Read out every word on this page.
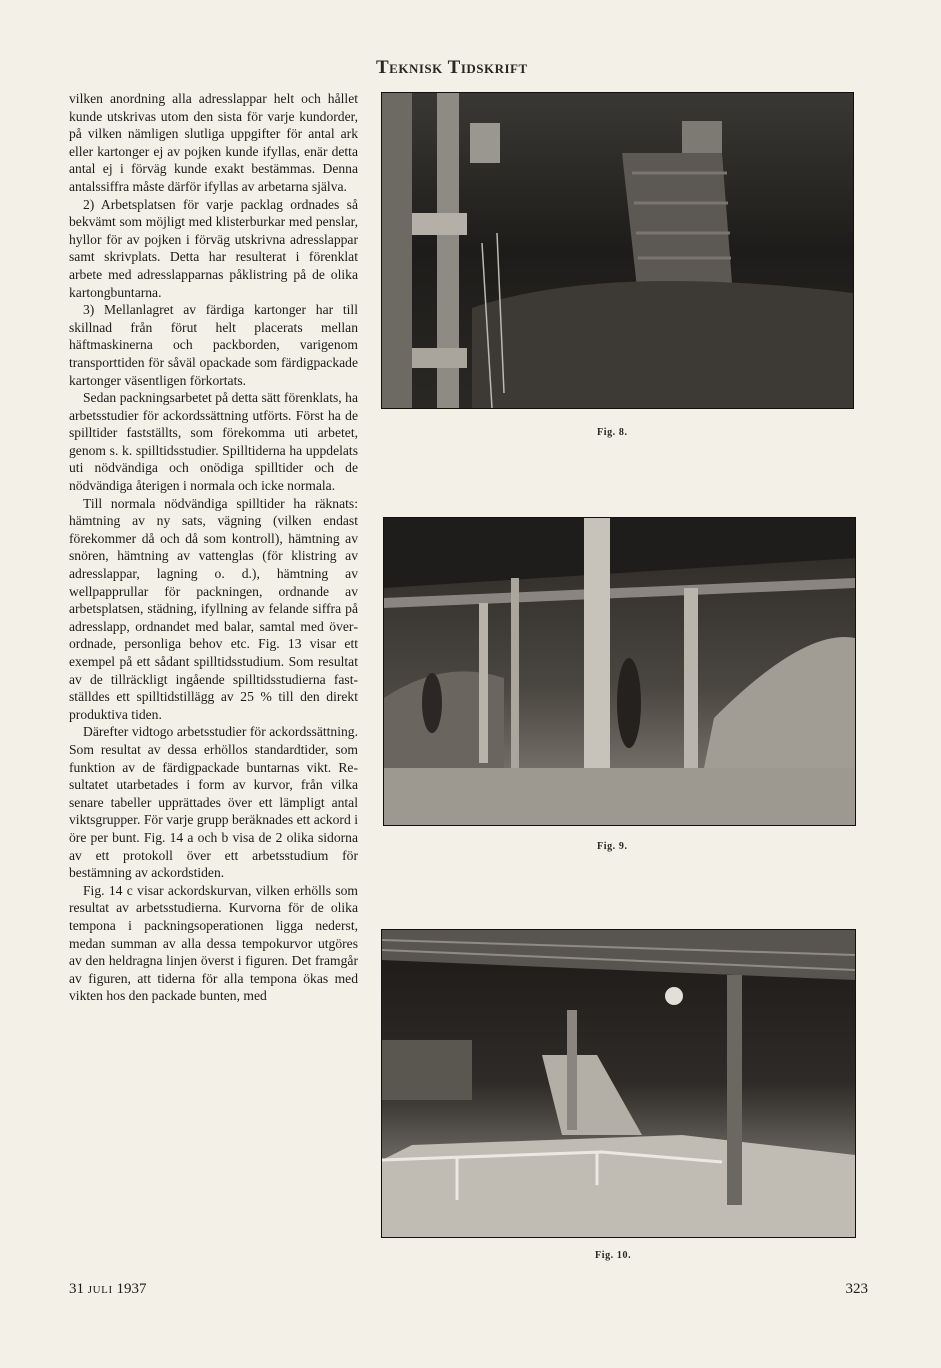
Teknisk Tidskrift

vilken anordning alla adresslappar helt och hållet kunde utskrivas utom den sista för varje kundorder, på vilken nämligen slutliga uppgifter för antal ark eller kartonger ej av pojken kunde ifyllas, enär detta antal ej i förväg kunde exakt bestämmas. Denna antalssiffra måste därför ifyllas av arbetarna själva.

2) Arbetsplatsen för varje packlag ordnades så bekvämt som möjligt med klisterburkar med penslar, hyllor för av pojken i förväg utskrivna adresslappar samt skrivplats. Detta har resulterat i förenklat arbete med adresslapparnas påklistring på de olika kartongbuntarna.

3) Mellanlagret av färdiga kartonger har till skillnad från förut helt placerats mellan häftmaskinerna och packborden, varigenom transporttiden för såväl opackade som färdigpackade kartonger väsentligen förkortats.

Sedan packningsarbetet på detta sätt förenklats, ha arbetsstudier för ackordssättning utförts. Först ha de spilltider fastställts, som förekomma uti arbetet, genom s. k. spilltidsstudier. Spilltiderna ha uppdelats uti nödvändiga och onödiga spilltider och de nödvändiga återigen i normala och icke normala.

Till normala nödvändiga spilltider ha räknats: hämtning av ny sats, vägning (vilken endast förekommer då och då som kontroll), hämtning av snören, hämtning av vattenglas (för klistring av adresslappar, lagning o. d.), hämtning av wellpapprullar för packningen, ordnande av arbetsplatsen, städning, ifyllning av felande siffra på adresslapp, ordnandet med balar, samtal med överordnade, personliga behov etc. Fig. 13 visar ett exempel på ett sådant spilltidsstudium. Som resultat av de tillräckligt ingående spilltidsstudierna fastställdes ett spilltidstillägg av 25 % till den direkt produktiva tiden.

Därefter vidtogo arbetsstudier för ackordssättning. Som resultat av dessa erhöllos standardtider, som funktion av de färdigpackade buntarnas vikt. Resultatet utarbetades i form av kurvor, från vilka senare tabeller upprättades över ett lämpligt antal viktsgrupper. För varje grupp beräknades ett ackord i öre per bunt. Fig. 14 a och b visa de 2 olika sidorna av ett protokoll över ett arbetsstudium för bestämning av ackordstiden.

Fig. 14 c visar ackordskurvan, vilken erhölls som resultat av arbetsstudierna. Kurvorna för de olika tempona i packningsoperationen ligga nederst, medan summan av alla dessa tempokurvor utgöres av den heldragna linjen överst i figuren. Det framgår av figuren, att tiderna för alla tempona ökas med vikten hos den packade bunten, med

Fig. 8.
Fig. 9.
Fig. 10.
31 JULI 1937	323
